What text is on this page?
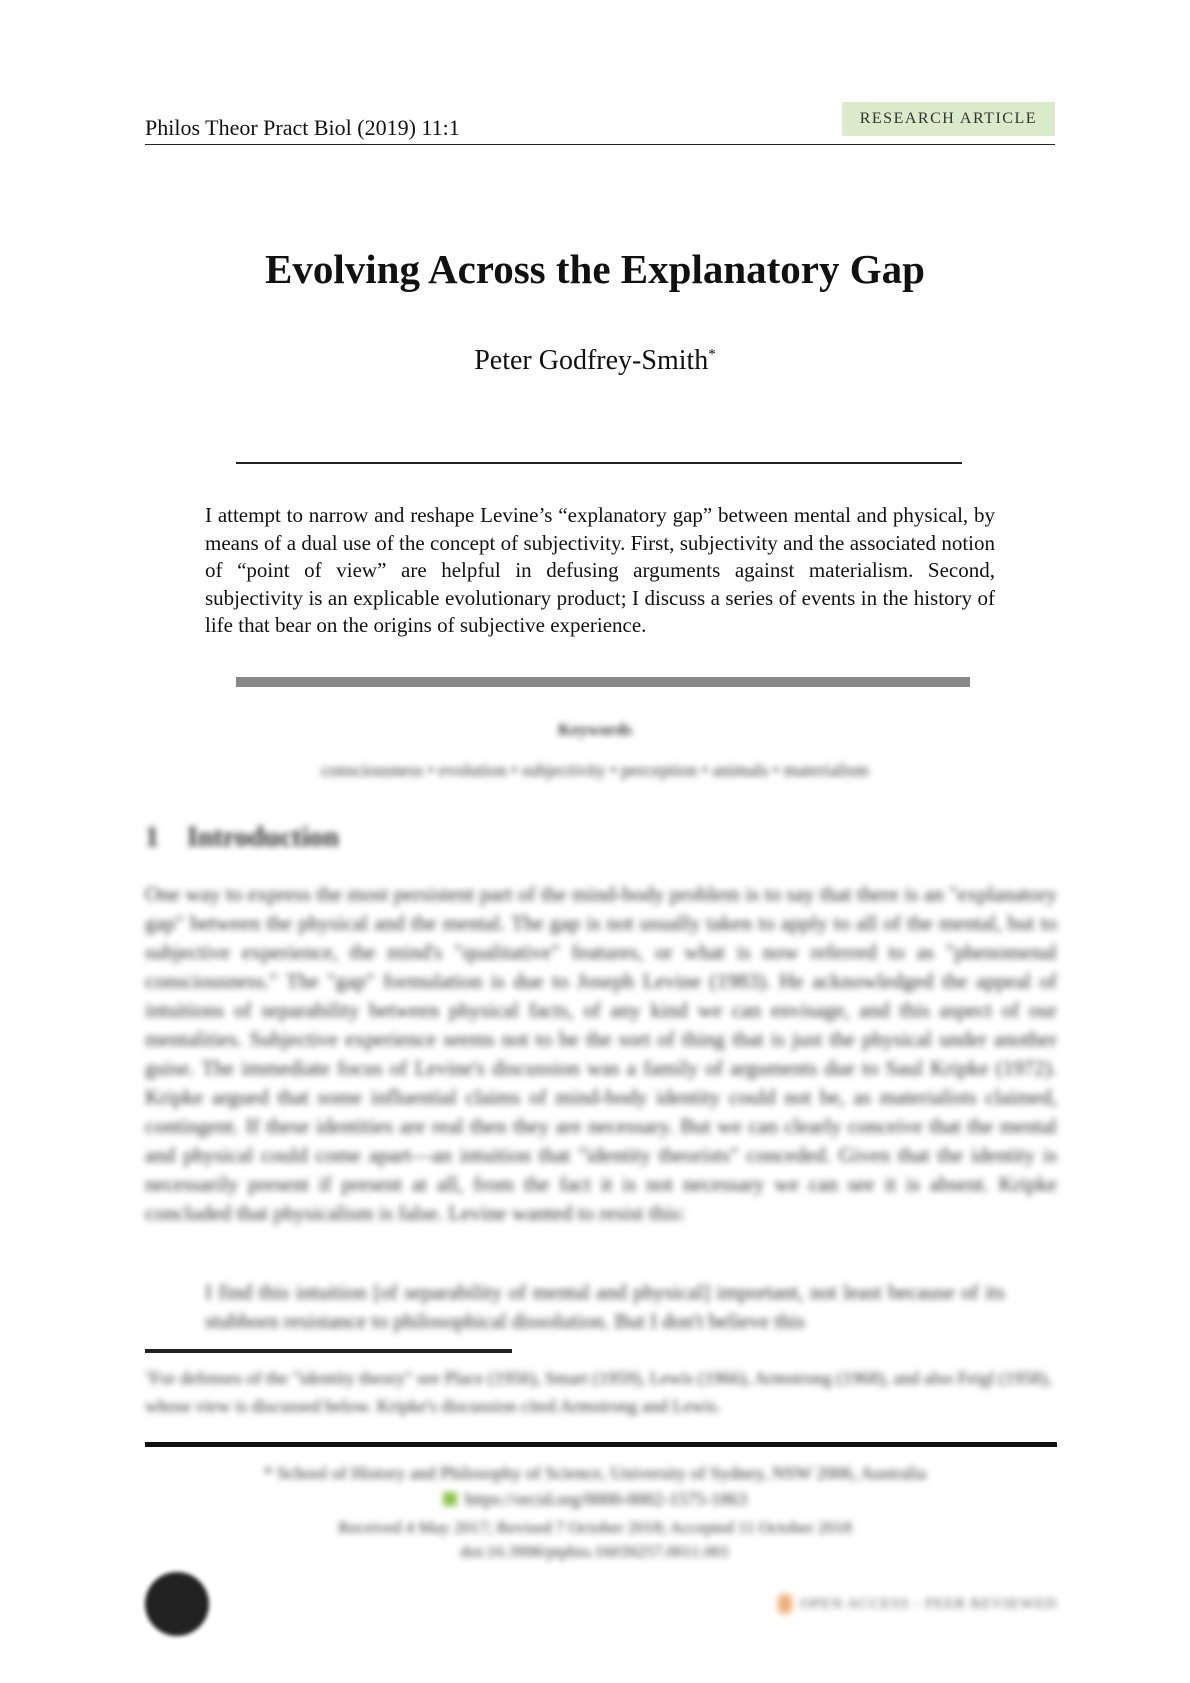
Philos Theor Pract Biol (2019) 11:1	RESEARCH ARTICLE
Evolving Across the Explanatory Gap
Peter Godfrey-Smith*
I attempt to narrow and reshape Levine’s “explanatory gap” between mental and physical, by means of a dual use of the concept of subjectivity. First, subjectivity and the associated notion of “point of view” are helpful in defusing arguments against materialism. Second, subjectivity is an explicable evolutionary product; I discuss a series of events in the history of life that bear on the origins of subjective experience.
Keywords
consciousness • evolution • subjectivity • perception • animals • materialism
1 Introduction
One way to express the most persistent part of the mind-body problem is to say that there is an "explanatory gap" between the physical and the mental. The gap is not usually taken to apply to all of the mental, but to subjective experience, the mind's "qualitative" features, or what is now referred to as "phenomenal consciousness." The "gap" formulation is due to Joseph Levine (1983). He acknowledged the appeal of intuitions of separability between physical facts, of any kind we can envisage, and this aspect of our mentalities. Subjective experience seems not to be the sort of thing that is just the physical under another guise. The immediate focus of Levine's discussion was a family of arguments due to Saul Kripke (1972). Kripke argued that some influential claims of mind-body identity could not be, as materialists claimed, contingent. If these identities are real then they are necessary. But we can clearly conceive that the mental and physical could come apart—an intuition that "identity theorists" conceded. Given that the identity is necessarily present if present at all, from the fact it is not necessary we can see it is absent. Kripke concluded that physicalism is false. Levine wanted to resist this:
I find this intuition [of separability of mental and physical] important, not least because of its stubborn resistance to philosophical dissolution. But I don't believe this
$^1$For defenses of the "identity theory" see Place (1956), Smart (1959), Lewis (1966), Armstrong (1968), and also Feigl (1958), whose view is discussed below. Kripke's discussion cited Armstrong and Lewis.
* School of History and Philosophy of Science, University of Sydney, NSW 2006, Australia
https://orcid.org/0000-0002-1575-1863
Received 4 May 2017; Revised 7 October 2018; Accepted 11 October 2018
doi:10.3998/ptpbio.16039257.0011.001
OPEN ACCESS - PEER REVIEWED
